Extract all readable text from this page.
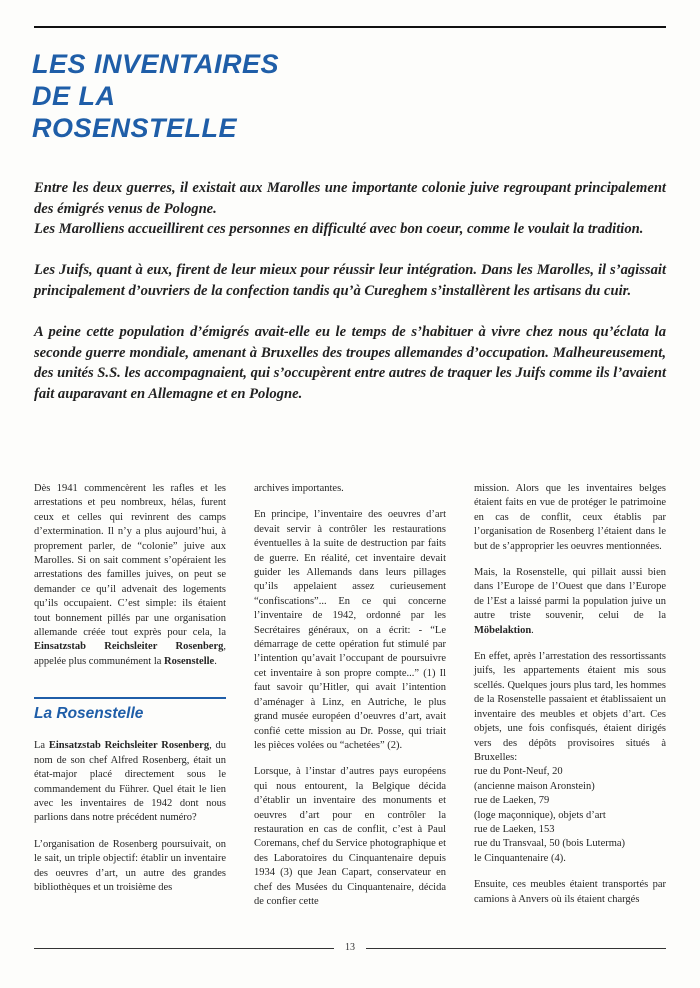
LES INVENTAIRES
DE LA
ROSENSTELLE

Entre les deux guerres, il existait aux Marolles une importante colonie juive regroupant principalement des émigrés venus de Pologne.
Les Marolliens accueillirent ces personnes en difficulté avec bon coeur, comme le voulait la tradition.

Les Juifs, quant à eux, firent de leur mieux pour réussir leur intégration. Dans les Marolles, il s’agissait principalement d’ouvriers de la confection tandis qu’à Cureghem s’installèrent les artisans du cuir.

A peine cette population d’émigrés avait-elle eu le temps de s’habituer à vivre chez nous qu’éclata la seconde guerre mondiale, amenant à Bruxelles des troupes allemandes d’occupation. Malheureusement, des unités S.S. les accompagnaient, qui s’occupèrent entre autres de traquer les Juifs comme ils l’avaient fait auparavant en Allemagne et en Pologne.

Dès 1941 commencèrent les rafles et les arrestations et peu nombreux, hélas, furent ceux et celles qui revinrent des camps d’extermination. Il n’y a plus aujourd’hui, à proprement parler, de “colonie” juive aux Marolles. Si on sait comment s’opéraient les arrestations des familles juives, on peut se demander ce qu’il advenait des logements qu’ils occupaient. C’est simple: ils étaient tout bonnement pillés par une organisation allemande créée tout exprès pour cela, la Einsatzstab Reichsleiter Rosenberg, appelée plus communément la Rosenstelle.

La Rosenstelle

La Einsatzstab Reichsleiter Rosenberg, du nom de son chef Alfred Rosenberg, était un état-major placé directement sous le commandement du Führer. Quel était le lien avec les inventaires de 1942 dont nous parlions dans notre précédent numéro?

L’organisation de Rosenberg poursuivait, on le sait, un triple objectif: établir un inventaire des oeuvres d’art, un autre des grandes bibliothèques et un troisième des

archives importantes.

En principe, l’inventaire des oeuvres d’art devait servir à contrôler les restaurations éventuelles à la suite de destruction par faits de guerre. En réalité, cet inventaire devait guider les Allemands dans leurs pillages qu’ils appelaient assez curieusement “confiscations”... En ce qui concerne l’inventaire de 1942, ordonné par les Secrétaires généraux, on a écrit: - “Le démarrage de cette opération fut stimulé par l’intention qu’avait l’occupant de poursuivre cet inventaire à son propre compte...” (1) Il faut savoir qu’Hitler, qui avait l’intention d’aménager à Linz, en Autriche, le plus grand musée européen d’oeuvres d’art, avait confié cette mission au Dr. Posse, qui triait les pièces volées ou “achetées” (2).

Lorsque, à l’instar d’autres pays européens qui nous entourent, la Belgique décida d’établir un inventaire des monuments et oeuvres d’art pour en contrôler la restauration en cas de conflit, c’est à Paul Coremans, chef du Service photographique et des Laboratoires du Cinquantenaire depuis 1934 (3) que Jean Capart, conservateur en chef des Musées du Cinquantenaire, décida de confier cette

mission. Alors que les inventaires belges étaient faits en vue de protéger le patrimoine en cas de conflit, ceux établis par l’organisation de Rosenberg l’étaient dans le but de s’approprier les oeuvres mentionnées.

Mais, la Rosenstelle, qui pillait aussi bien dans l’Europe de l’Ouest que dans l’Europe de l’Est a laissé parmi la population juive un autre triste souvenir, celui de la Möbelaktion.

En effet, après l’arrestation des ressortissants juifs, les appartements étaient mis sous scellés. Quelques jours plus tard, les hommes de la Rosenstelle passaient et établissaient un inventaire des meubles et objets d’art. Ces objets, une fois confisqués, étaient dirigés vers des dépôts provisoires situés à Bruxelles:
rue du Pont-Neuf, 20
(ancienne maison Aronstein)
rue de Laeken, 79
(loge maçonnique), objets d’art
rue de Laeken, 153
rue du Transvaal, 50 (bois Luterma)
le Cinquantenaire (4).

Ensuite, ces meubles étaient transportés par camions à Anvers où ils étaient chargés

13
